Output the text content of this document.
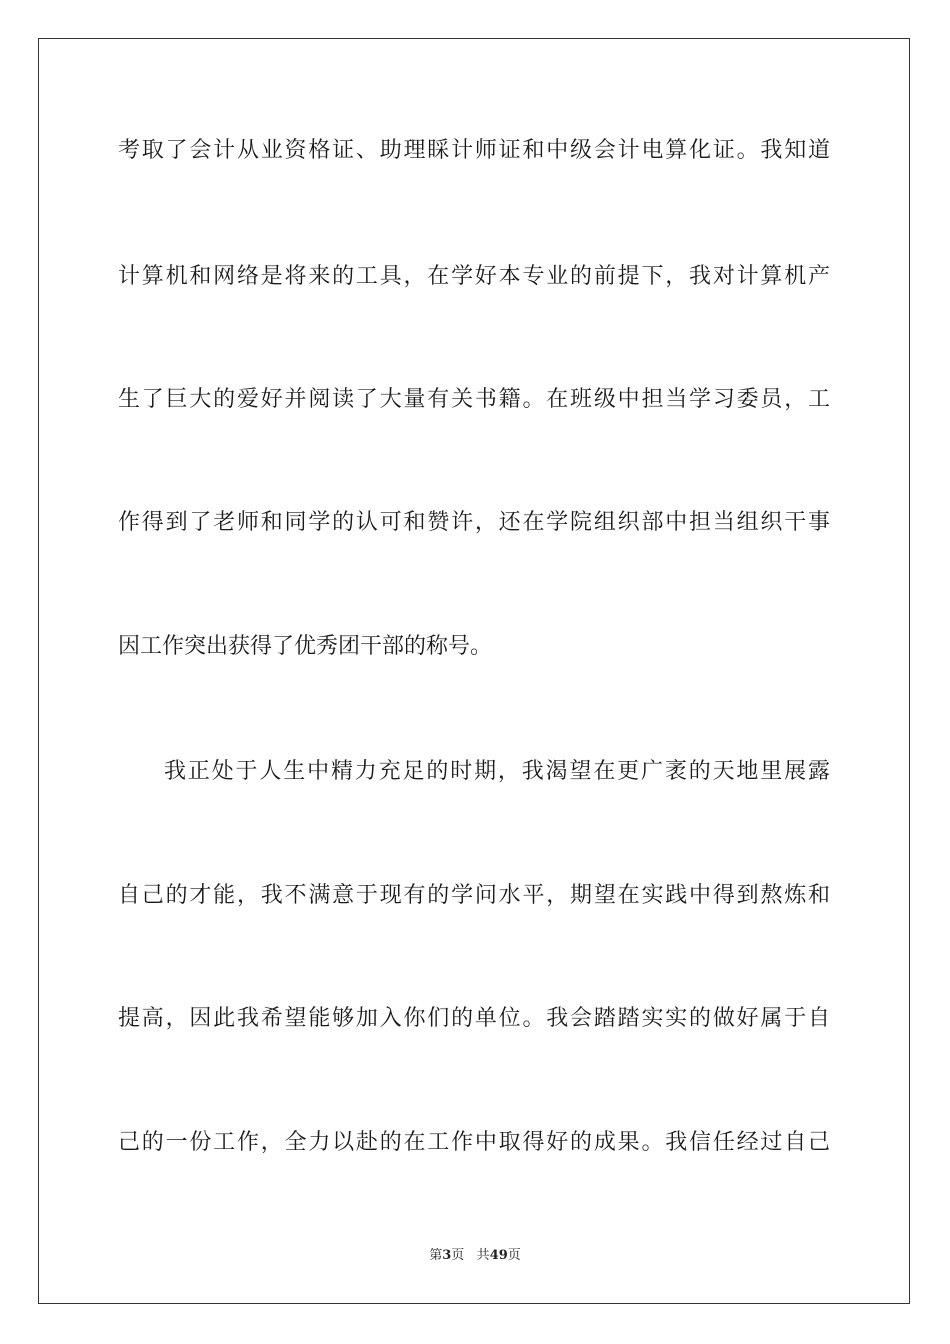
考取了会计从业资格证、助理睬计师证和中级会计电算化证。我知道
计算机和网络是将来的工具，在学好本专业的前提下，我对计算机产
生了巨大的爱好并阅读了大量有关书籍。在班级中担当学习委员，工
作得到了老师和同学的认可和赞许，还在学院组织部中担当组织干事
因工作突出获得了优秀团干部的称号。
我正处于人生中精力充足的时期，我渴望在更广袤的天地里展露
自己的才能，我不满意于现有的学问水平，期望在实践中得到熬炼和
提高，因此我希望能够加入你们的单位。我会踏踏实实的做好属于自
己的一份工作，全力以赴的在工作中取得好的成果。我信任经过自己
第3页 共49页
